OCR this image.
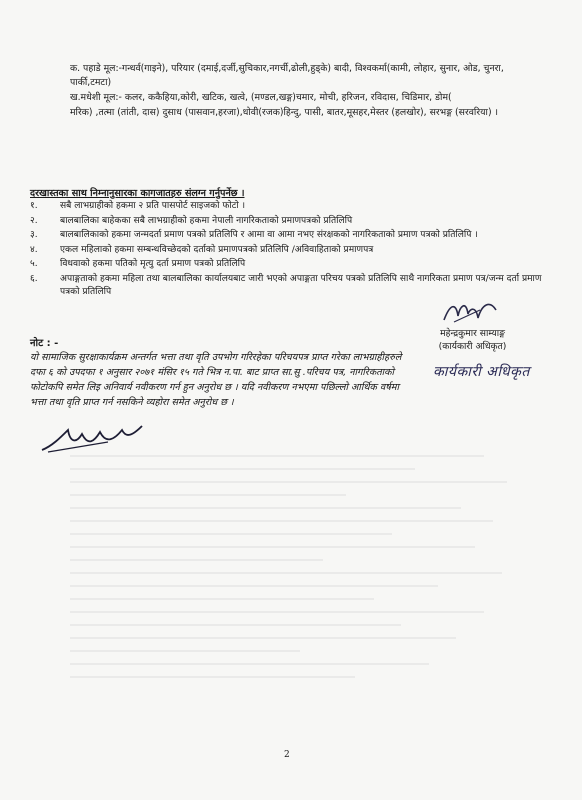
क. पहाडे मूल:-गन्धर्व(गाइने), परियार (दमाई,दर्जी,सुचिकार,नगर्ची,ढोली,हुड्के) बादी, विश्वकर्मा(कामी, लोहार, सुनार, ओड, चुनरा, पार्की,टमटा)

ख.मधेशी मूल:- कलर, ककैहिया,कोरी, खटिक, खत्वे, (मण्डल,खङ्ग)चमार, मोची, हरिजन, रविदास, चिडिमार, डोम(

मरिक) ,तत्मा (तांती, दास) दुसाध (पासवान,हरजा),धोवी(रजक)हिन्दु, पासी, बातर,मूसहर,मेस्तर (हलखोर), सरभङ्ग (सरवरिया) ।

दरखास्तका साथ निम्नानुसारका कागजातहरु संलग्न गर्नुपर्नेछ ।
१.	सबै लाभग्राहीको हकमा २ प्रति पासपोर्ट साइजको फोटो ।
२.	बालबालिका बाहेकका सबै लाभग्राहीको हकमा नेपाली नागरिकताको प्रमाणपत्रको प्रतिलिपि
३.	बालबालिकाको हकमा जन्मदर्ता प्रमाण पत्रको प्रतिलिपि र आमा वा आमा नभए संरक्षकको नागरिकताको प्रमाण पत्रको प्रतिलिपि ।
४.	एकल महिलाको हकमा सम्बन्धविच्छेदको दर्ताको प्रमाणपत्रको प्रतिलिपि /अविवाहिताको प्रमाणपत्र
५.	विधवाको हकमा पतिको मृत्यु दर्ता प्रमाण पत्रको प्रतिलिपि
६.	अपाङ्गताको हकमा महिला तथा बालबालिका कार्यालयबाट जारी भएको अपाङ्गता परिचय पत्रको प्रतिलिपि साथै नागरिकता प्रमाण पत्र/जन्म दर्ता प्रमाण पत्रको प्रतिलिपि
महेन्द्रकुमार साम्याङ्ग
(कार्यकारी अधिकृत)
कार्यकारी अधिकृत
नोट : -
यो सामाजिक सुरक्षाकार्यक्रम अन्तर्गत भत्ता तथा वृति उपभोग गरिरहेका परिचयपत्र प्राप्त गरेका लाभग्राहीहरुले दफा ६ को उपदफा १ अनुसार २०७१ मंसिर १५ गते भित्र न.पा. बाट प्राप्त सा.सु .परिचय पत्र, नागरिकताको फोटोकपि समेत लिइ अनिवार्य नवीकरण गर्न हुन अनुरोध छ । यदि नवीकरण नभएमा पछिल्लो आर्थिक वर्षमा भत्ता तथा वृति प्राप्त गर्न नसकिने व्यहोरा समेत अनुरोध छ ।
2
